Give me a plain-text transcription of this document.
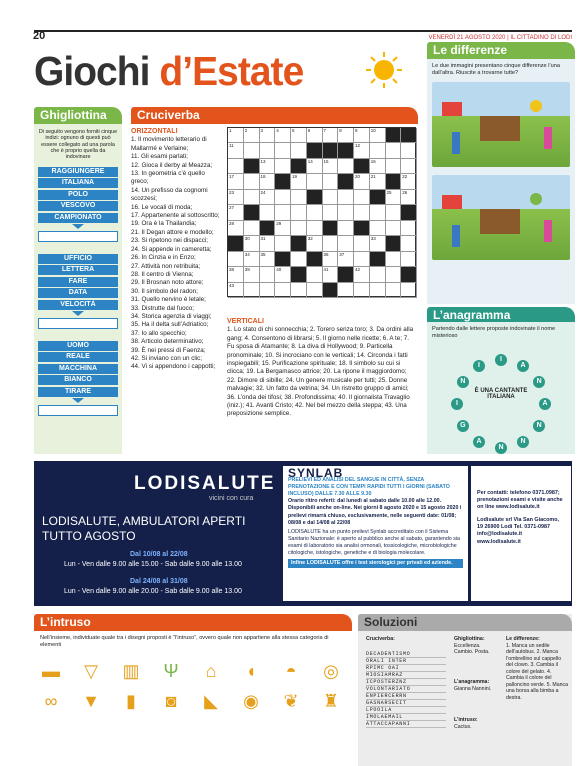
20	VENERDÌ 21 AGOSTO 2020 | IL CITTADINO DI LODI
Giochi d’Estate
Ghigliottina
Di seguito vengono forniti cinque indizi: ognuno di questi può essere collegato ad una parola che è proprio quella da indovinare
RAGGIUNGERE
ITALIANA
POLO
VESCOVO
CAMPIONATO
UFFICIO
LETTERA
FARE
DATA
VELOCITÀ
UOMO
REALE
MACCHINA
BIANCO
TIRARE
Cruciverba
ORIZZONTALI
1. Il movimento letterario di Mallarmé e Verlaine;
11. Gli esami parlati;
12. Gioca il derby al Meazza;
13. In geometria c’è quello greco;
14. Un prefisso da cognomi scozzesi;
16. Le vocali di moda;
17. Appartenente al sottoscritto;
19. Ora è la Thailandia;
21. Il Degan attore e modello;
23. Si ripetono nei dispacci;
24. Si appende in cameretta;
26. In Cinzia e in Enzo;
27. Attività non retribuita;
28. Il centro di Vienna;
29. Il Brosnan noto attore;
30. Il simbolo del radon;
31. Quello nervino è letale;
33. Distrutte dal fuoco;
34. Storica agenzia di viaggi;
35. Ha il delta sull’Adriatico;
37. Io allo specchio;
38. Articolo determinativo;
39. È nei pressi di Faenza;
42. Si inviano con un clic;
44. Vi si appendono i cappotti;
1	2	3	4	5	6	7	8	9	10
11	12
13	14	15	16
17	18	19	20	21	22
23	24	25	26
27
28	29
30	31	32	33
34	35	36	37
38	39	40	41	42
43
VERTICALI
1. Lo stato di chi sonnecchia; 2. Torero senza toro; 3. Da ordini alla gang; 4. Consentono di librarsi; 5. Il giorno nelle ricette; 6. A te; 7. Fu sposa di Atamante; 8. La diva di Hollywood; 9. Particella pronominale; 10. Si incrociano con le verticali; 14. Circonda i fatti inspiegabili; 15. Purificazione spirituale; 18. Il simbolo su cui si clicca; 19. La Bergamasco attrice; 20. La ripone il maggiordomo; 22. Dimore di sibille; 24. Un genere musicale per tutti; 25. Donne malvagie; 32. Un fatto da vetrina; 34. Un ristretto gruppo di amici; 36. L’onda dei tifosi; 38. Profondissima; 40. Il giornalista Travaglio (iniz.); 41. Avanti Cristo; 42. Nel bel mezzo della steppa; 43. Una preposizione semplice.
Le differenze
Le due immagini presentano cinque differenze l’una dall’altra. Riuscite a trovarne tutte?
L’anagramma
Partendo dalle lettere proposte indovinate il nome misterioso
I
A
N
A
N
N
N
A
G
I
N
I
È UNA CANTANTE ITALIANA
LODISALUTE
vicini con cura
LODISALUTE, AMBULATORI APERTI TUTTO AGOSTO
Dal 10/08 al 22/08
Lun - Ven dalle 9.00 alle 15.00 - Sab dalle 9.00 alle 13.00
Dal 24/08 al 31/08
Lun - Ven dalle 9.00 alle 20.00 - Sab dalle 9.00 alle 13.00
SYNLAB
PRELIEVI ED ANALISI DEL SANGUE IN CITTÀ, SENZA PRENOTAZIONE E CON TEMPI RAPIDI TUTTI I GIORNI (SABATO INCLUSO) DALLE 7.30 ALLE 9.30
Orario ritiro referti: dal lunedì al sabato dalle 10.00 alle 12.00. Disponibili anche on-line. Nei giorni 8 agosto 2020 e 15 agosto 2020 i prelievi rimarrà chiuso, esclusivamente, nelle seguenti date: 01/08; 08/08 e dal 14/08 al 22/08
LODISALUTE ha un punto prelievi Synlab accreditato con il Sistema Sanitario Nazionale: è aperto al pubblico anche al sabato, garantendo sia esami di laboratorio sia analisi ormonali, tossicologiche, microbiologiche citologiche, istologiche, genetiche e di biologia molecolare.
Infine LODISALUTE offre i test sierologici per privati ed aziende.
Per contatti: telefono 0371.0987; prenotazioni esami e visite anche on line www.lodisalute.it
Lodisalute srl Via San Giacomo, 19 26900 Lodi Tel. 0371-0987 info@lodisalute.it www.lodisalute.it
L’intruso
Nell’insieme, individuate quale tra i disegni proposti è “l’intruso”, ovvero quale non appartiene alla stessa categoria di elementi
▬	▽	▥	Ψ	⌂	◖	◓	◎
∞	▼	▮	◙	◣	◉	❦	♜
Soluzioni
Cruciverba:	Ghigliottina:
Eccellenza. Cambio. Posta.
L’anagramma:
Gianna Nannini.
L’intruso:
Cactus.
Le differenze:
1. Manca un sedile dell’autobus. 2. Manca l’ombrellino sul cappello del clown. 3. Cambia il colore del gelato. 4. Cambia il colore del palloncino verde. 5. Manca una borsa alla bimba a destra.
DECADENTISMO
ORALI INTER
RPIMC OAI
MIOSIAMRAZ
ICPOSTERZNZ
VOLONTARIATO
ENPIERCERRN
GASNARSECIT
LPOOILA
IMOLAEMAIL
ATTACCAPANNI
